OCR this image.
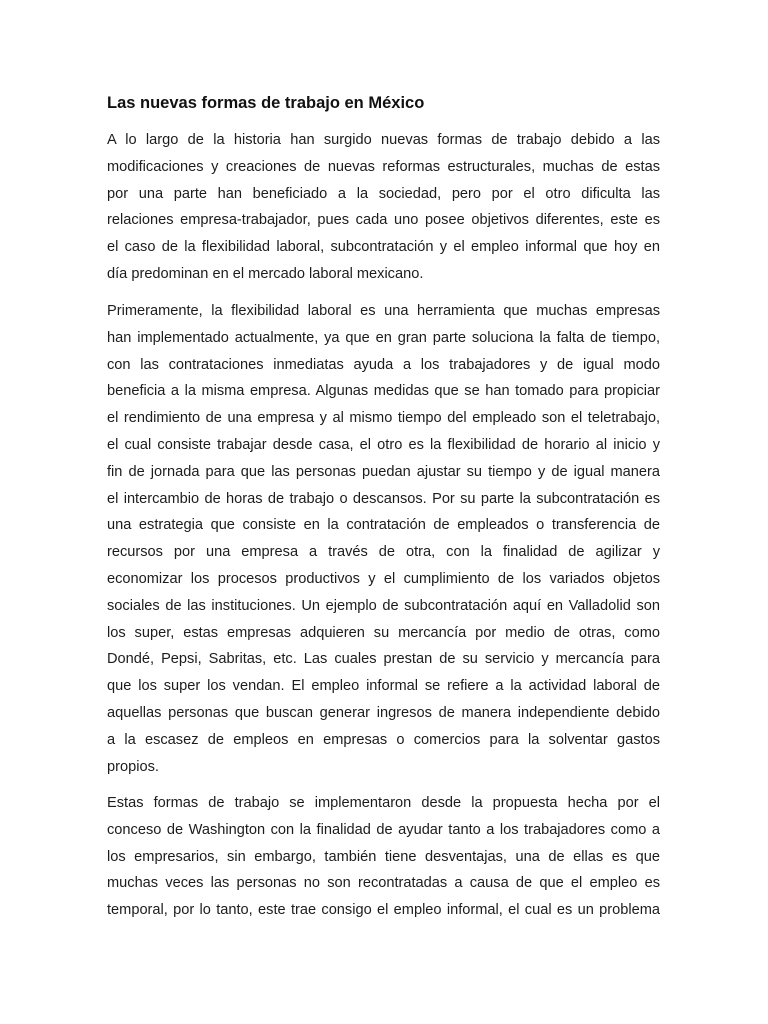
Las nuevas formas de trabajo en México

A lo largo de la historia han surgido nuevas formas de trabajo debido a las
modificaciones y creaciones de nuevas reformas estructurales, muchas de estas
por una parte han beneficiado a la sociedad, pero por el otro dificulta las
relaciones empresa-trabajador, pues cada uno posee objetivos diferentes, este es
el caso de la flexibilidad laboral, subcontratación y el empleo informal que hoy en
día predominan en el mercado laboral mexicano.

Primeramente, la flexibilidad laboral es una herramienta que muchas empresas
han implementado actualmente, ya que en gran parte soluciona la falta de tiempo,
con las contrataciones inmediatas ayuda a los trabajadores y de igual modo
beneficia a la misma empresa. Algunas medidas que se han tomado para propiciar
el rendimiento de una empresa y al mismo tiempo del empleado son el teletrabajo,
el cual consiste trabajar desde casa, el otro es la flexibilidad de horario al inicio y
fin de jornada para que las personas puedan ajustar su tiempo y de igual manera
el intercambio de horas de trabajo o descansos. Por su parte la subcontratación es
una estrategia que consiste en la contratación de empleados o transferencia de
recursos por una empresa a través de otra, con la finalidad de agilizar y
economizar los procesos productivos y el cumplimiento de los variados objetos
sociales de las instituciones. Un ejemplo de subcontratación aquí en Valladolid son
los super, estas empresas adquieren su mercancía por medio de otras, como
Dondé, Pepsi, Sabritas, etc. Las cuales prestan de su servicio y mercancía para
que los super los vendan. El empleo informal se refiere a la actividad laboral de
aquellas personas que buscan generar ingresos de manera independiente debido
a la escasez de empleos en empresas o comercios para la solventar gastos
propios.

Estas formas de trabajo se implementaron desde la propuesta hecha por el
conceso de Washington con la finalidad de ayudar tanto a los trabajadores como a
los empresarios, sin embargo, también tiene desventajas, una de ellas es que
muchas veces las personas no son recontratadas a causa de que el empleo es
temporal, por lo tanto, este trae consigo el empleo informal, el cual es un problema
